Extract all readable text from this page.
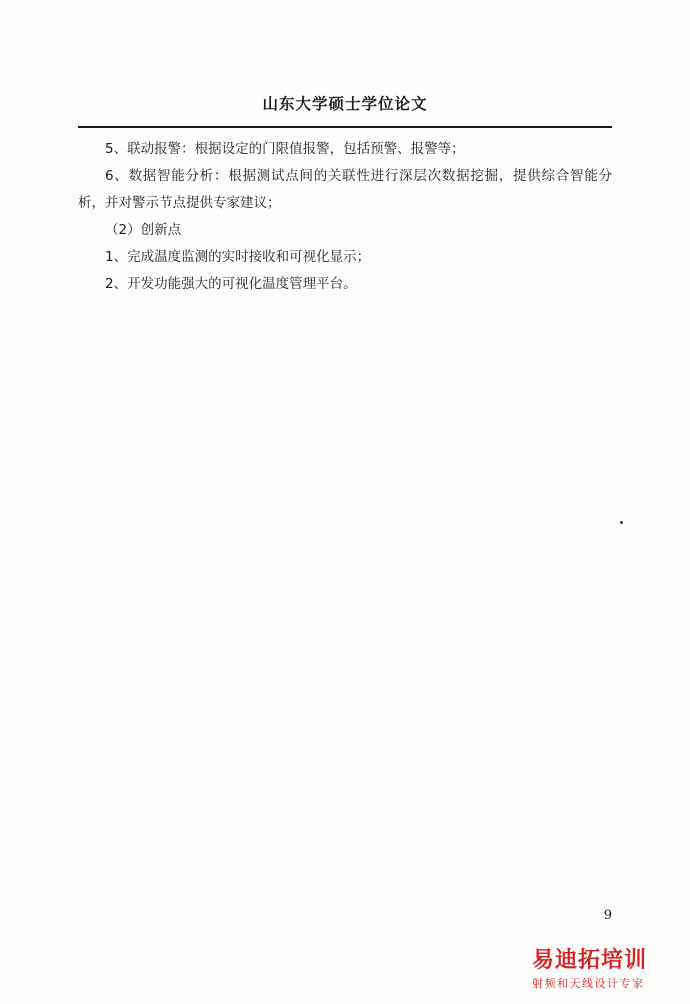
山东大学硕士学位论文

5、联动报警：根据设定的门限值报警，包括预警、报警等；

6、数据智能分析：根据测试点间的关联性进行深层次数据挖掘，提供综合智能分析，并对警示节点提供专家建议；

（2）创新点

1、完成温度监测的实时接收和可视化显示；

2、开发功能强大的可视化温度管理平台。

9
易迪拓培训
射频和天线设计专家
